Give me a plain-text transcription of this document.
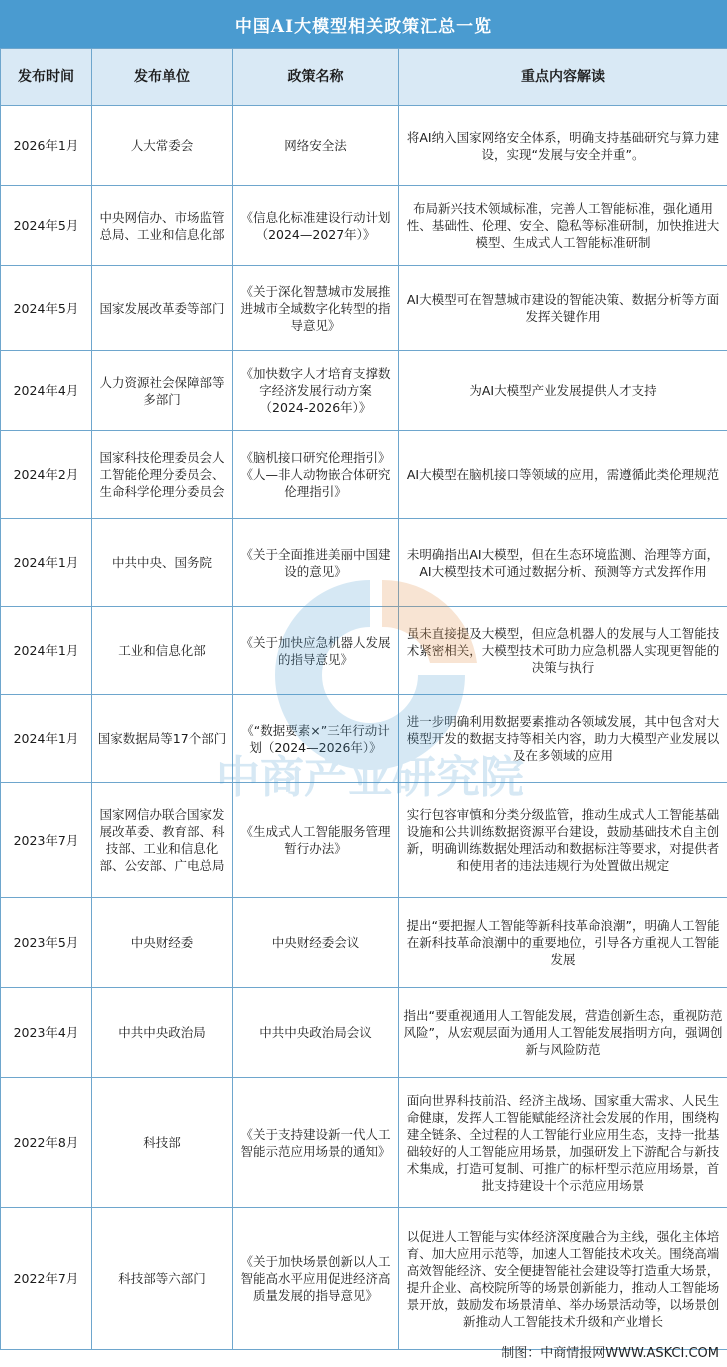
中国AI大模型相关政策汇总一览
发布时间	发布单位	政策名称	重点内容解读
2026年1月	人大常委会	网络安全法	将AI纳入国家网络安全体系，明确支持基础研究与算力建设，实现“发展与安全并重”。
2024年5月	中央网信办、市场监管总局、工业和信息化部	《信息化标准建设行动计划（2024—2027年）》	布局新兴技术领域标准，完善人工智能标准，强化通用性、基础性、伦理、安全、隐私等标准研制，加快推进大模型、生成式人工智能标准研制
2024年5月	国家发展改革委等部门	《关于深化智慧城市发展推进城市全域数字化转型的指导意见》	AI大模型可在智慧城市建设的智能决策、数据分析等方面发挥关键作用
2024年4月	人力资源社会保障部等多部门	《加快数字人才培育支撑数字经济发展行动方案（2024-2026年）》	为AI大模型产业发展提供人才支持
2024年2月	国家科技伦理委员会人工智能伦理分委员会、生命科学伦理分委员会	《脑机接口研究伦理指引》《人—非人动物嵌合体研究伦理指引》	AI大模型在脑机接口等领域的应用，需遵循此类伦理规范
2024年1月	中共中央、国务院	《关于全面推进美丽中国建设的意见》	未明确指出AI大模型，但在生态环境监测、治理等方面，AI大模型技术可通过数据分析、预测等方式发挥作用
2024年1月	工业和信息化部	《关于加快应急机器人发展的指导意见》	虽未直接提及大模型，但应急机器人的发展与人工智能技术紧密相关，大模型技术可助力应急机器人实现更智能的决策与执行
2024年1月	国家数据局等17个部门	《“数据要素×”三年行动计划（2024—2026年）》	进一步明确利用数据要素推动各领域发展，其中包含对大模型开发的数据支持等相关内容，助力大模型产业发展以及在多领域的应用
2023年7月	国家网信办联合国家发展改革委、教育部、科技部、工业和信息化部、公安部、广电总局	《生成式人工智能服务管理暂行办法》	实行包容审慎和分类分级监管，推动生成式人工智能基础设施和公共训练数据资源平台建设，鼓励基础技术自主创新，明确训练数据处理活动和数据标注等要求，对提供者和使用者的违法违规行为处置做出规定
2023年5月	中央财经委	中央财经委会议	提出“要把握人工智能等新科技革命浪潮”，明确人工智能在新科技革命浪潮中的重要地位，引导各方重视人工智能发展
2023年4月	中共中央政治局	中共中央政治局会议	指出“要重视通用人工智能发展，营造创新生态，重视防范风险”，从宏观层面为通用人工智能发展指明方向，强调创新与风险防范
2022年8月	科技部	《关于支持建设新一代人工智能示范应用场景的通知》	面向世界科技前沿、经济主战场、国家重大需求、人民生命健康，发挥人工智能赋能经济社会发展的作用，围绕构建全链条、全过程的人工智能行业应用生态，支持一批基础较好的人工智能应用场景，加强研发上下游配合与新技术集成，打造可复制、可推广的标杆型示范应用场景，首批支持建设十个示范应用场景
2022年7月	科技部等六部门	《关于加快场景创新以人工智能高水平应用促进经济高质量发展的指导意见》	以促进人工智能与实体经济深度融合为主线，强化主体培育、加大应用示范等，加速人工智能技术攻关。围绕高端高效智能经济、安全便捷智能社会建设等打造重大场景，提升企业、高校院所等的场景创新能力，推动人工智能场景开放，鼓励发布场景清单、举办场景活动等，以场景创新推动人工智能技术升级和产业增长
中商产业研究院
制图：中商情报网WWW.ASKCI.COM
